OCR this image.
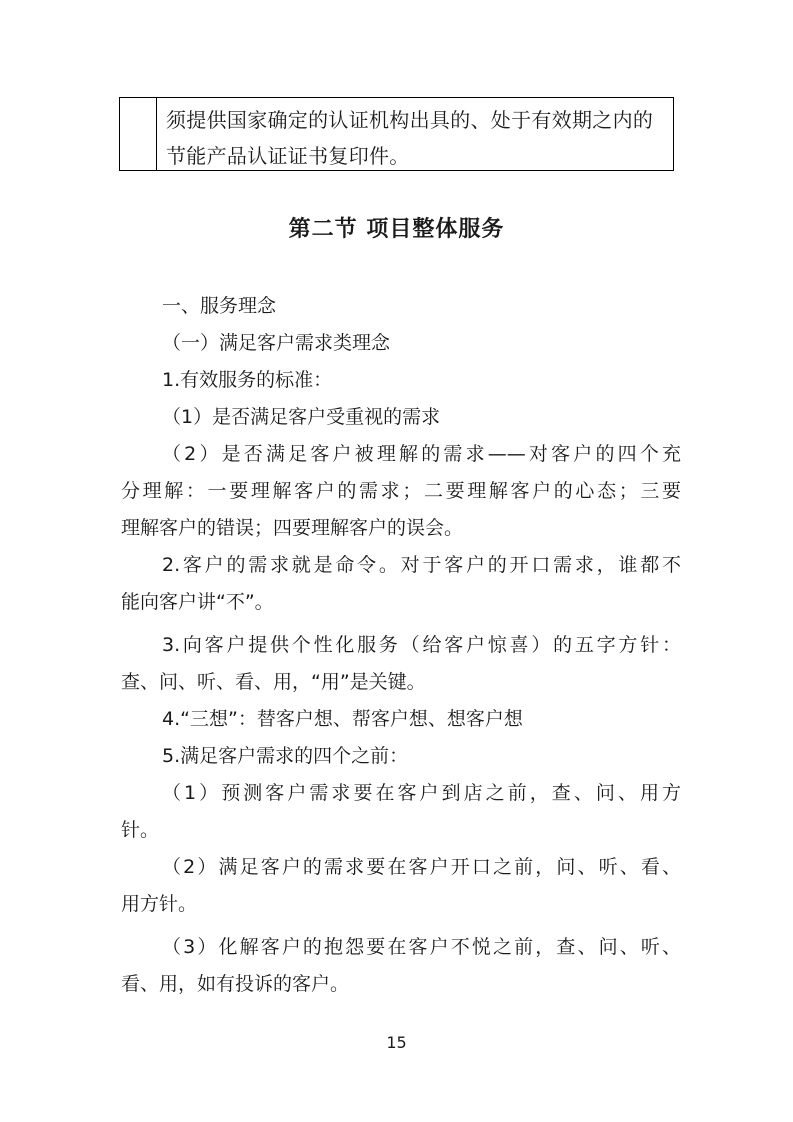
须提供国家确定的认证机构出具的、处于有效期之内的
节能产品认证证书复印件。
第二节 项目整体服务
一、服务理念
（一）满足客户需求类理念
1.有效服务的标准：
（1）是否满足客户受重视的需求
（2）是否满足客户被理解的需求——对客户的四个充
分理解：一要理解客户的需求；二要理解客户的心态；三要
理解客户的错误；四要理解客户的误会。
2.客户的需求就是命令。对于客户的开口需求，谁都不
能向客户讲“不”。
3.向客户提供个性化服务（给客户惊喜）的五字方针：
查、问、听、看、用，“用”是关键。
4.“三想”：替客户想、帮客户想、想客户想
5.满足客户需求的四个之前：
（1）预测客户需求要在客户到店之前，查、问、用方
针。
（2）满足客户的需求要在客户开口之前，问、听、看、
用方针。
（3）化解客户的抱怨要在客户不悦之前，查、问、听、
看、用，如有投诉的客户。
15
